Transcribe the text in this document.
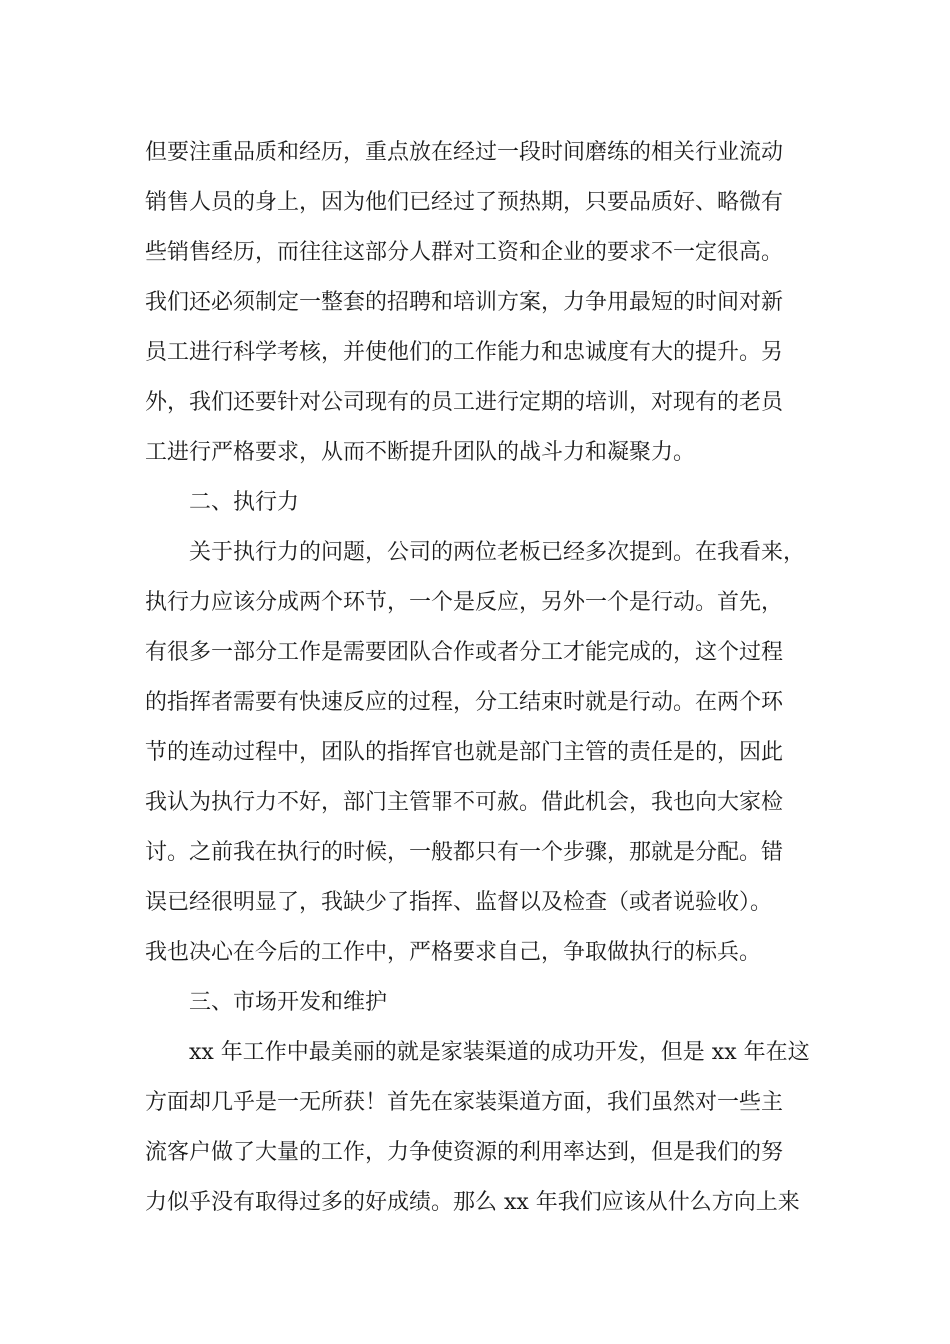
但要注重品质和经历，重点放在经过一段时间磨练的相关行业流动
销售人员的身上，因为他们已经过了预热期，只要品质好、略微有
些销售经历，而往往这部分人群对工资和企业的要求不一定很高。
我们还必须制定一整套的招聘和培训方案，力争用最短的时间对新
员工进行科学考核，并使他们的工作能力和忠诚度有大的提升。另
外，我们还要针对公司现有的员工进行定期的培训，对现有的老员
工进行严格要求，从而不断提升团队的战斗力和凝聚力。
二、执行力
关于执行力的问题，公司的两位老板已经多次提到。在我看来，
执行力应该分成两个环节，一个是反应，另外一个是行动。首先，
有很多一部分工作是需要团队合作或者分工才能完成的，这个过程
的指挥者需要有快速反应的过程，分工结束时就是行动。在两个环
节的连动过程中，团队的指挥官也就是部门主管的责任是的，因此
我认为执行力不好，部门主管罪不可赦。借此机会，我也向大家检
讨。之前我在执行的时候，一般都只有一个步骤，那就是分配。错
误已经很明显了，我缺少了指挥、监督以及检查（或者说验收）。
我也决心在今后的工作中，严格要求自己，争取做执行的标兵。
三、市场开发和维护
xx 年工作中最美丽的就是家装渠道的成功开发，但是 xx 年在这
方面却几乎是一无所获！首先在家装渠道方面，我们虽然对一些主
流客户做了大量的工作，力争使资源的利用率达到，但是我们的努
力似乎没有取得过多的好成绩。那么 xx 年我们应该从什么方向上来
